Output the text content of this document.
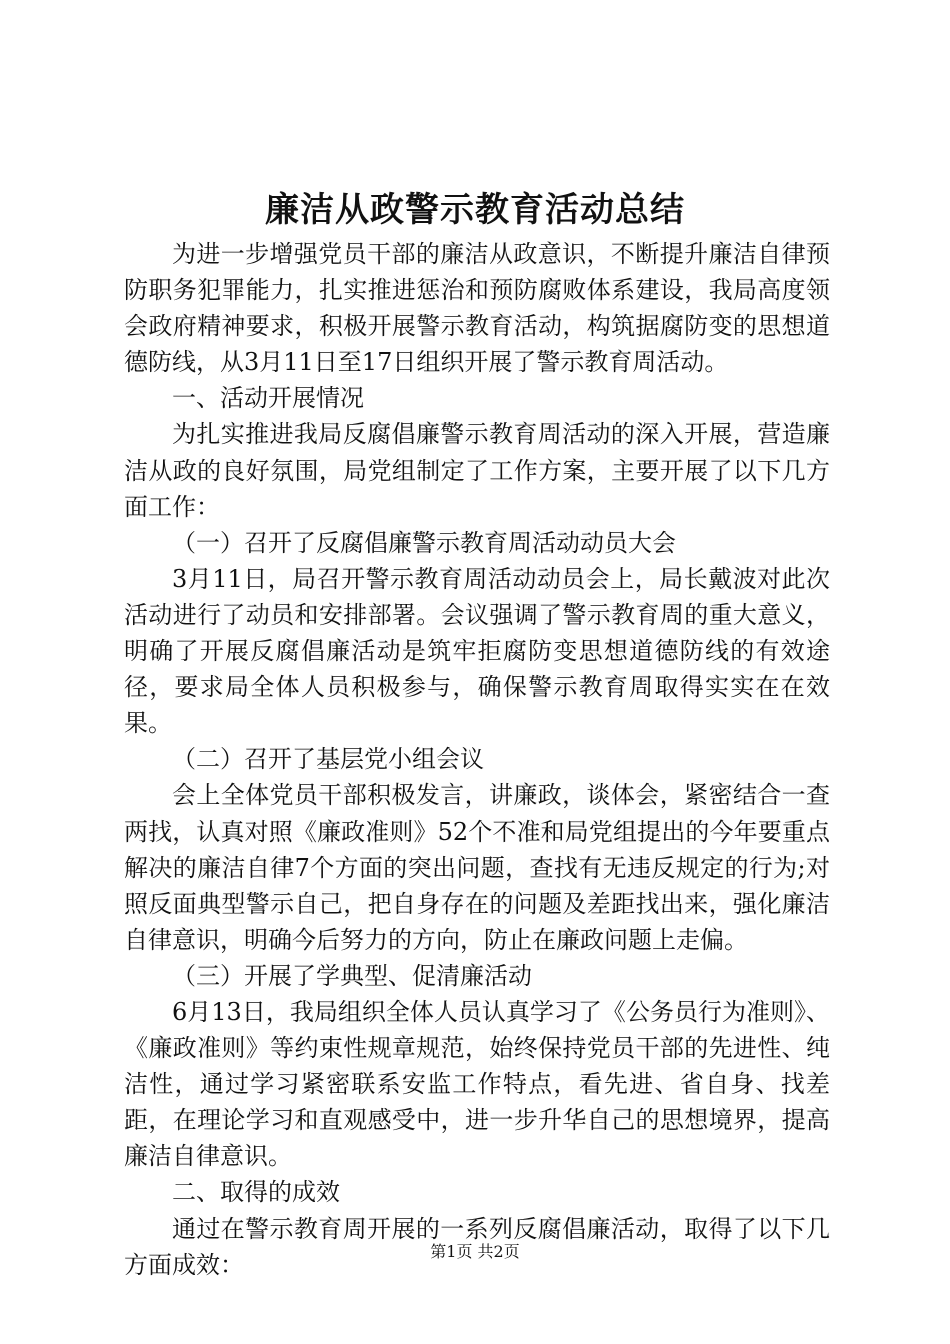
廉洁从政警示教育活动总结

为进一步增强党员干部的廉洁从政意识，不断提升廉洁自律预防职务犯罪能力，扎实推进惩治和预防腐败体系建设，我局高度领会政府精神要求，积极开展警示教育活动，构筑据腐防变的思想道德防线，从3月11日至17日组织开展了警示教育周活动。

一、活动开展情况

为扎实推进我局反腐倡廉警示教育周活动的深入开展，营造廉洁从政的良好氛围，局党组制定了工作方案，主要开展了以下几方面工作：

（一）召开了反腐倡廉警示教育周活动动员大会

3月11日，局召开警示教育周活动动员会上，局长戴波对此次活动进行了动员和安排部署。会议强调了警示教育周的重大意义，明确了开展反腐倡廉活动是筑牢拒腐防变思想道德防线的有效途径，要求局全体人员积极参与，确保警示教育周取得实实在在效果。

（二）召开了基层党小组会议

会上全体党员干部积极发言，讲廉政，谈体会，紧密结合一查两找，认真对照《廉政准则》52个不准和局党组提出的今年要重点解决的廉洁自律7个方面的突出问题，查找有无违反规定的行为;对照反面典型警示自己，把自身存在的问题及差距找出来，强化廉洁自律意识，明确今后努力的方向，防止在廉政问题上走偏。

（三）开展了学典型、促清廉活动

6月13日，我局组织全体人员认真学习了《公务员行为准则》、《廉政准则》等约束性规章规范，始终保持党员干部的先进性、纯洁性，通过学习紧密联系安监工作特点，看先进、省自身、找差距，在理论学习和直观感受中，进一步升华自己的思想境界，提高廉洁自律意识。

二、取得的成效

通过在警示教育周开展的一系列反腐倡廉活动，取得了以下几方面成效：	第1页 共2页
